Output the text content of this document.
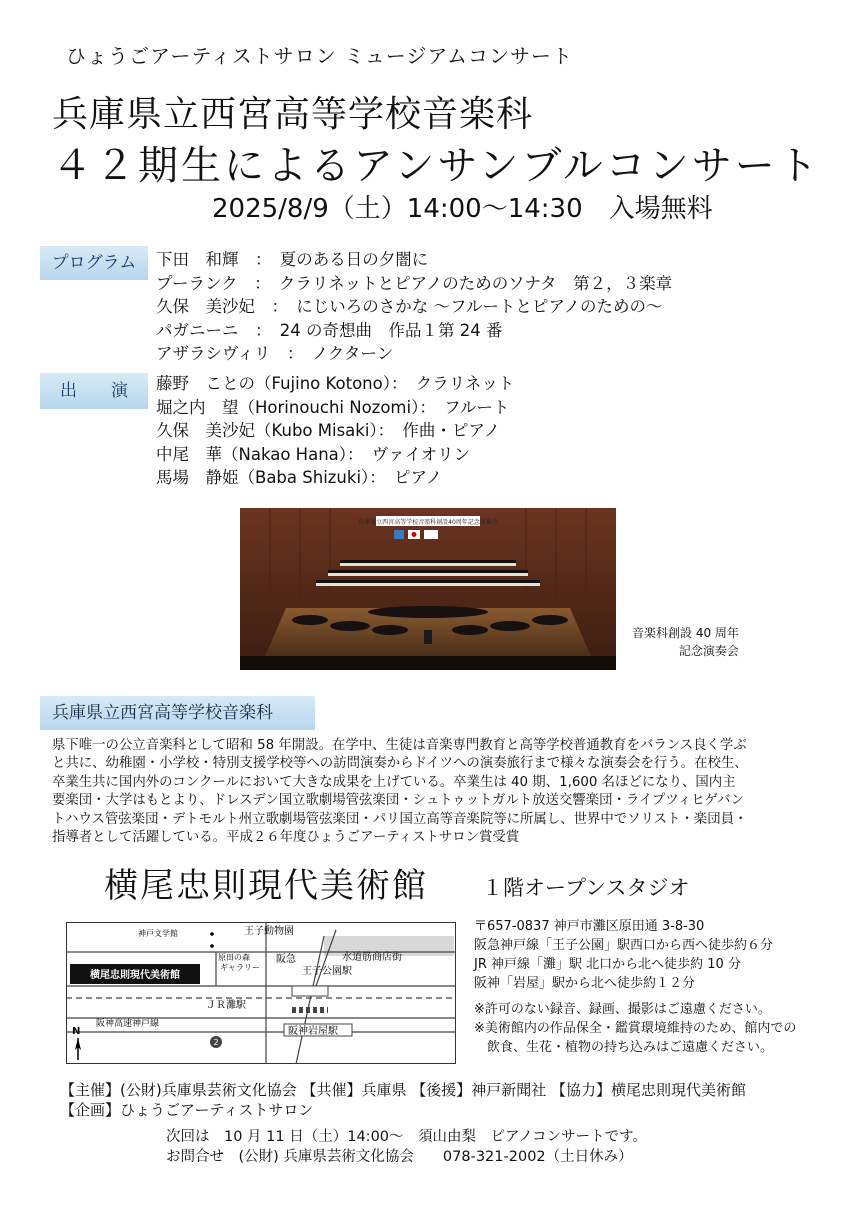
ひょうごアーティストサロン ミュージアムコンサート
兵庫県立西宮高等学校音楽科
４２期生によるアンサンブルコンサート
2025/8/9（土）14:00～14:30　入場無料
プログラム	下田　和輝　：　夏のある日の夕闇に
プーランク　：　クラリネットとピアノのためのソナタ　第２，３楽章
久保　美沙妃　：　にじいろのさかな ～フルートとピアノのための～
パガニーニ　：　24 の奇想曲　作品１第 24 番
アザラシヴィリ　：　ノクターン
出　　演	藤野　ことの（Fujino Kotono）：　クラリネット
堀之内　望（Horinouchi Nozomi）：　フルート
久保　美沙妃（Kubo Misaki）：　作曲・ピアノ
中尾　華（Nakao Hana）：　ヴァイオリン
馬場　静姫（Baba Shizuki）：　ピアノ
兵庫県立西宮高等学校音楽科創設40周年記念演奏会
音楽科創設 40 周年
記念演奏会
兵庫県立西宮高等学校音楽科
県下唯一の公立音楽科として昭和 58 年開設。在学中、生徒は音楽専門教育と高等学校普通教育をバランス良く学ぶ
と共に、幼稚園・小学校・特別支援学校等への訪問演奏からドイツへの演奏旅行まで様々な演奏会を行う。在校生、
卒業生共に国内外のコンクールにおいて大きな成果を上げている。卒業生は 40 期、1,600 名ほどになり、国内主
要楽団・大学はもとより、ドレスデン国立歌劇場管弦楽団・シュトゥットガルト放送交響楽団・ライプツィヒゲバン
トハウス管弦楽団・デトモルト州立歌劇場管弦楽団・パリ国立高等音楽院等に所属し、世界中でソリスト・楽団員・
指導者として活躍している。平成２６年度ひょうごアーティストサロン賞受賞
横尾忠則現代美術館	１階オープンスタジオ
神戸文学館	王子動物園
原田の森
ギャラリー
横尾忠則現代美術館
阪急
王子公園駅
水道筋商店街
ＪＲ灘駅
阪神高速神戸線
2
阪神岩屋駅
N
〒657-0837 神戸市灘区原田通 3-8-30
阪急神戸線「王子公園」駅西口から西へ徒歩約６分
JR 神戸線「灘」駅 北口から北へ徒歩約 10 分
阪神「岩屋」駅から北へ徒歩約１２分
※許可のない録音、録画、撮影はご遠慮ください。
※美術館内の作品保全・鑑賞環境維持のため、館内での
　飲食、生花・植物の持ち込みはご遠慮ください。
【主催】(公財)兵庫県芸術文化協会 【共催】兵庫県 【後援】神戸新聞社 【協力】横尾忠則現代美術館
【企画】ひょうごアーティストサロン
次回は　10 月 11 日（土）14:00～　須山由梨　ピアノコンサートです。
お問合せ　(公財) 兵庫県芸術文化協会　　078-321-2002（土日休み）
